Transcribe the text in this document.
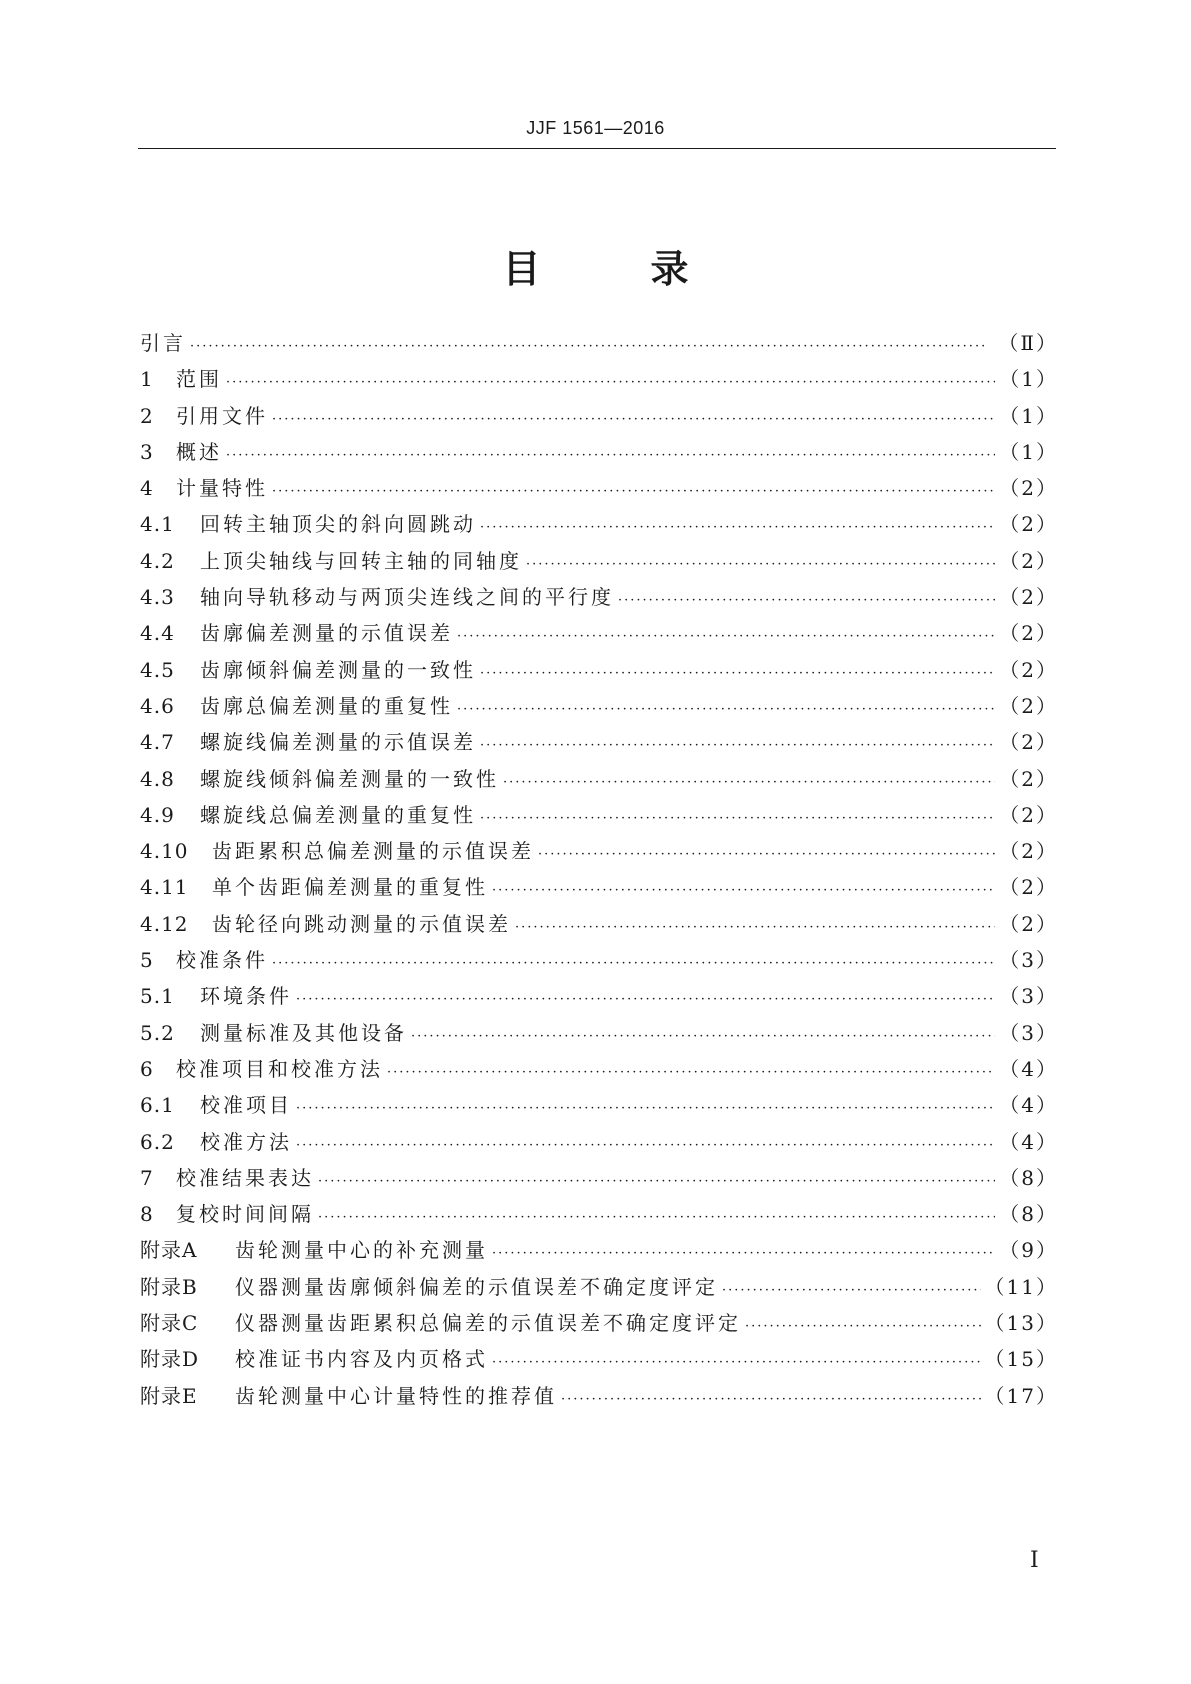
JJF 1561—2016
目	录
引言 ·····	（Ⅱ）
1	范围 ·····	（1）
2	引用文件 ·····	（1）
3	概述 ·····	（1）
4	计量特性 ·····	（2）
4.1	回转主轴顶尖的斜向圆跳动 ·····	（2）
4.2	上顶尖轴线与回转主轴的同轴度 ·····	（2）
4.3	轴向导轨移动与两顶尖连线之间的平行度 ·····	（2）
4.4	齿廓偏差测量的示值误差 ·····	（2）
4.5	齿廓倾斜偏差测量的一致性 ·····	（2）
4.6	齿廓总偏差测量的重复性 ·····	（2）
4.7	螺旋线偏差测量的示值误差 ·····	（2）
4.8	螺旋线倾斜偏差测量的一致性 ·····	（2）
4.9	螺旋线总偏差测量的重复性 ·····	（2）
4.10	齿距累积总偏差测量的示值误差 ·····	（2）
4.11	单个齿距偏差测量的重复性 ·····	（2）
4.12	齿轮径向跳动测量的示值误差 ·····	（2）
5	校准条件 ·····	（3）
5.1	环境条件 ·····	（3）
5.2	测量标准及其他设备 ·····	（3）
6	校准项目和校准方法 ·····	（4）
6.1	校准项目 ·····	（4）
6.2	校准方法 ·····	（4）
7	校准结果表达 ·····	（8）
8	复校时间间隔 ·····	（8）
附录A	齿轮测量中心的补充测量 ·····	（9）
附录B	仪器测量齿廓倾斜偏差的示值误差不确定度评定 ·····	（11）
附录C	仪器测量齿距累积总偏差的示值误差不确定度评定 ·····	（13）
附录D	校准证书内容及内页格式 ·····	（15）
附录E	齿轮测量中心计量特性的推荐值 ·····	（17）
I
